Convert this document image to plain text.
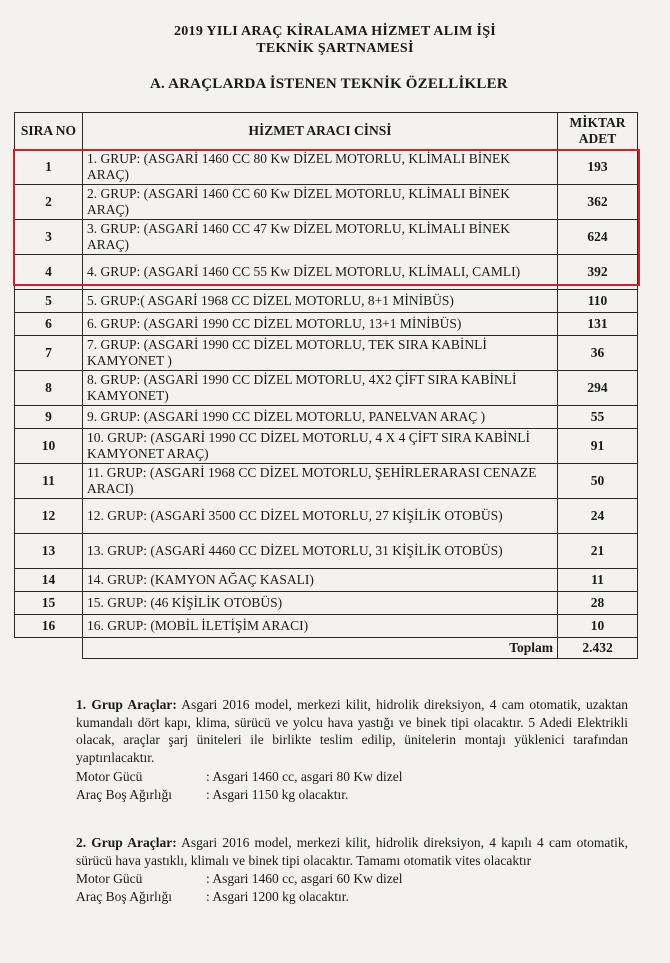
2019 YILI ARAÇ KİRALAMA HİZMET ALIM İŞİ
TEKNİK ŞARTNAMESİ
A. ARAÇLARDA İSTENEN TEKNİK ÖZELLİKLER
SIRA NO	HİZMET ARACI CİNSİ	MİKTAR ADET
1	1. GRUP: (ASGARİ 1460 CC 80 Kw DİZEL MOTORLU, KLİMALI BİNEK ARAÇ)	193
2	2. GRUP: (ASGARİ 1460 CC 60 Kw DİZEL MOTORLU, KLİMALI BİNEK ARAÇ)	362
3	3. GRUP: (ASGARİ 1460 CC 47 Kw DİZEL MOTORLU, KLİMALI BİNEK ARAÇ)	624
4	4. GRUP: (ASGARİ 1460 CC 55 Kw DİZEL MOTORLU, KLİMALI, CAMLI)	392
5	5. GRUP:( ASGARİ 1968 CC DİZEL MOTORLU, 8+1 MİNİBÜS)	110
6	6. GRUP: (ASGARİ 1990 CC DİZEL MOTORLU, 13+1 MİNİBÜS)	131
7	7. GRUP: (ASGARİ 1990 CC DİZEL MOTORLU, TEK SIRA KABİNLİ KAMYONET )	36
8	8. GRUP: (ASGARİ 1990 CC DİZEL MOTORLU, 4X2 ÇİFT SIRA KABİNLİ KAMYONET)	294
9	9. GRUP: (ASGARİ 1990 CC DİZEL MOTORLU, PANELVAN ARAÇ )	55
10	10. GRUP: (ASGARİ 1990 CC DİZEL MOTORLU, 4 X 4 ÇİFT SIRA KABİNLİ KAMYONET ARAÇ)	91
11	11. GRUP: (ASGARİ 1968 CC DİZEL MOTORLU, ŞEHİRLERARASI CENAZE ARACI)	50
12	12. GRUP: (ASGARİ 3500 CC DİZEL MOTORLU, 27 KİŞİLİK OTOBÜS)	24
13	13. GRUP: (ASGARİ 4460 CC DİZEL MOTORLU, 31 KİŞİLİK OTOBÜS)	21
14	14. GRUP: (KAMYON AĞAÇ KASALI)	11
15	15. GRUP: (46 KİŞİLİK OTOBÜS)	28
16	16. GRUP: (MOBİL İLETİŞİM ARACI)	10
	Toplam	2.432
1. Grup Araçlar: Asgari 2016 model, merkezi kilit, hidrolik direksiyon, 4 cam otomatik, uzaktan kumandalı dört kapı, klima, sürücü ve yolcu hava yastığı ve binek tipi olacaktır. 5 Adedi Elektrikli olacak, araçlar şarj üniteleri ile birlikte teslim edilip, ünitelerin montajı yüklenici tarafından yaptırılacaktır.
Motor Gücü	: Asgari 1460 cc, asgari 80 Kw dizel
Araç Boş Ağırlığı	: Asgari 1150 kg olacaktır.
2. Grup Araçlar: Asgari 2016 model, merkezi kilit, hidrolik direksiyon, 4 kapılı 4 cam otomatik, sürücü hava yastıklı, klimalı ve binek tipi olacaktır. Tamamı otomatik vites olacaktır
Motor Gücü	: Asgari 1460 cc, asgari 60 Kw dizel
Araç Boş Ağırlığı	: Asgari 1200 kg olacaktır.
